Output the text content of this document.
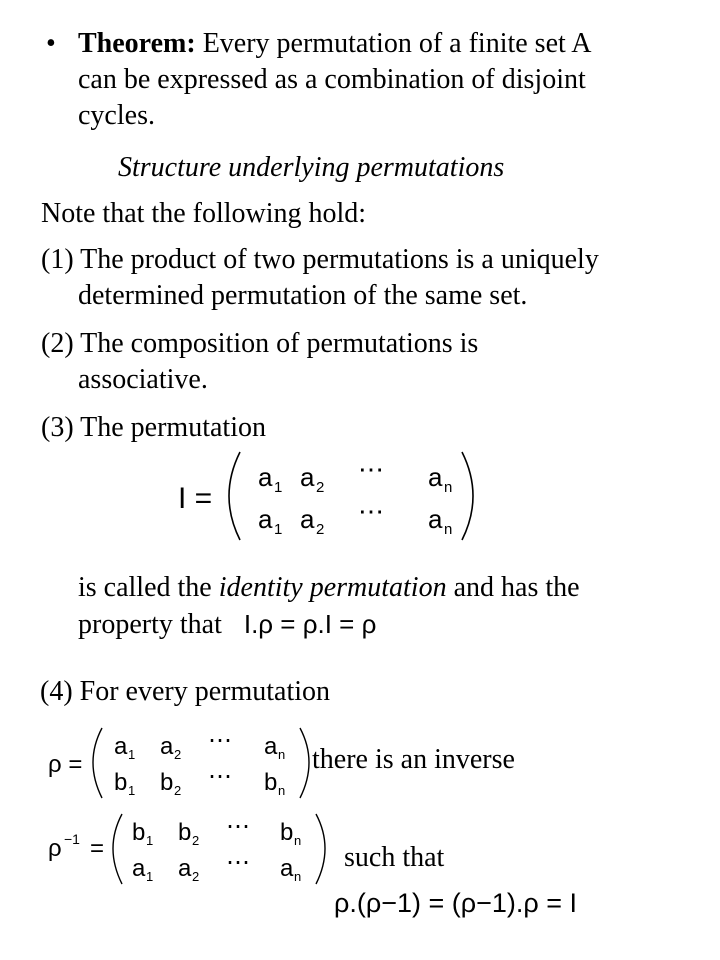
• Theorem: Every permutation of a finite set A
can be expressed as a combination of disjoint
cycles.
Structure underlying permutations
Note that the following hold:
(1) The product of two permutations is a uniquely
determined permutation of the same set.
(2) The composition of permutations is
associative.
(3) The permutation
I =
a 1 a 2
⋯ a n
a 1 a 2
⋯ a n
is called the identity permutation and has the
property that I.ρ = ρ.I = ρ
(4) For every permutation
ρ =
a 1 a 2
⋯ a n
b 1 b 2
⋯ b n
there is an inverse
ρ −1 =
b 1 b 2
⋯ b n
a 1 a 2
⋯ a n
such that
ρ.(ρ−1) = (ρ−1).ρ = I
